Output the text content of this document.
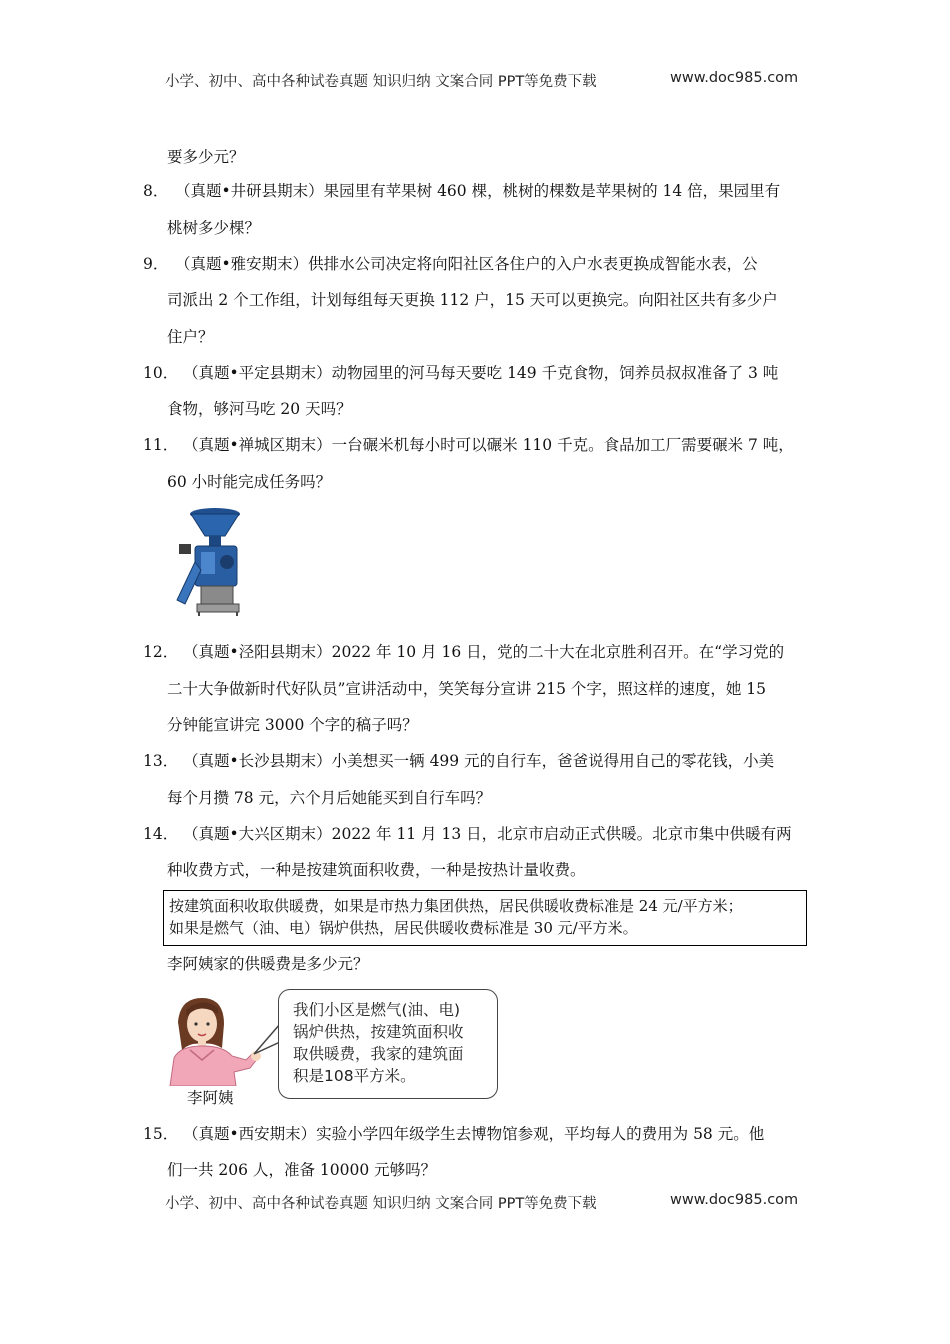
小学、初中、高中各种试卷真题 知识归纳 文案合同 PPT等免费下载	www.doc985.com
要多少元？
8． （真题•井研县期末）果园里有苹果树 460 棵，桃树的棵数是苹果树的 14 倍，果园里有
桃树多少棵？
9． （真题•雅安期末）供排水公司决定将向阳社区各住户的入户水表更换成智能水表，公
司派出 2 个工作组，计划每组每天更换 112 户，15 天可以更换完。向阳社区共有多少户
住户？
10． （真题•平定县期末）动物园里的河马每天要吃 149 千克食物，饲养员叔叔准备了 3 吨
食物，够河马吃 20 天吗？
11． （真题•禅城区期末）一台碾米机每小时可以碾米 110 千克。食品加工厂需要碾米 7 吨，
60 小时能完成任务吗？
12． （真题•泾阳县期末）2022 年 10 月 16 日，党的二十大在北京胜利召开。在“学习党的
二十大争做新时代好队员”宣讲活动中，笑笑每分宣讲 215 个字，照这样的速度，她 15
分钟能宣讲完 3000 个字的稿子吗？
13． （真题•长沙县期末）小美想买一辆 499 元的自行车，爸爸说得用自己的零花钱，小美
每个月攒 78 元，六个月后她能买到自行车吗？
14． （真题•大兴区期末）2022 年 11 月 13 日，北京市启动正式供暖。北京市集中供暖有两
种收费方式，一种是按建筑面积收费，一种是按热计量收费。
按建筑面积收取供暖费，如果是市热力集团供热，居民供暖收费标准是 24 元/平方米；
如果是燃气（油、电）锅炉供热，居民供暖收费标准是 30 元/平方米。
李阿姨家的供暖费是多少元？
李阿姨
我们小区是燃气(油、电)
锅炉供热，按建筑面积收
取供暖费，我家的建筑面
积是108平方米。
15． （真题•西安期末）实验小学四年级学生去博物馆参观，平均每人的费用为 58 元。他
们一共 206 人，准备 10000 元够吗？
小学、初中、高中各种试卷真题 知识归纳 文案合同 PPT等免费下载	www.doc985.com
